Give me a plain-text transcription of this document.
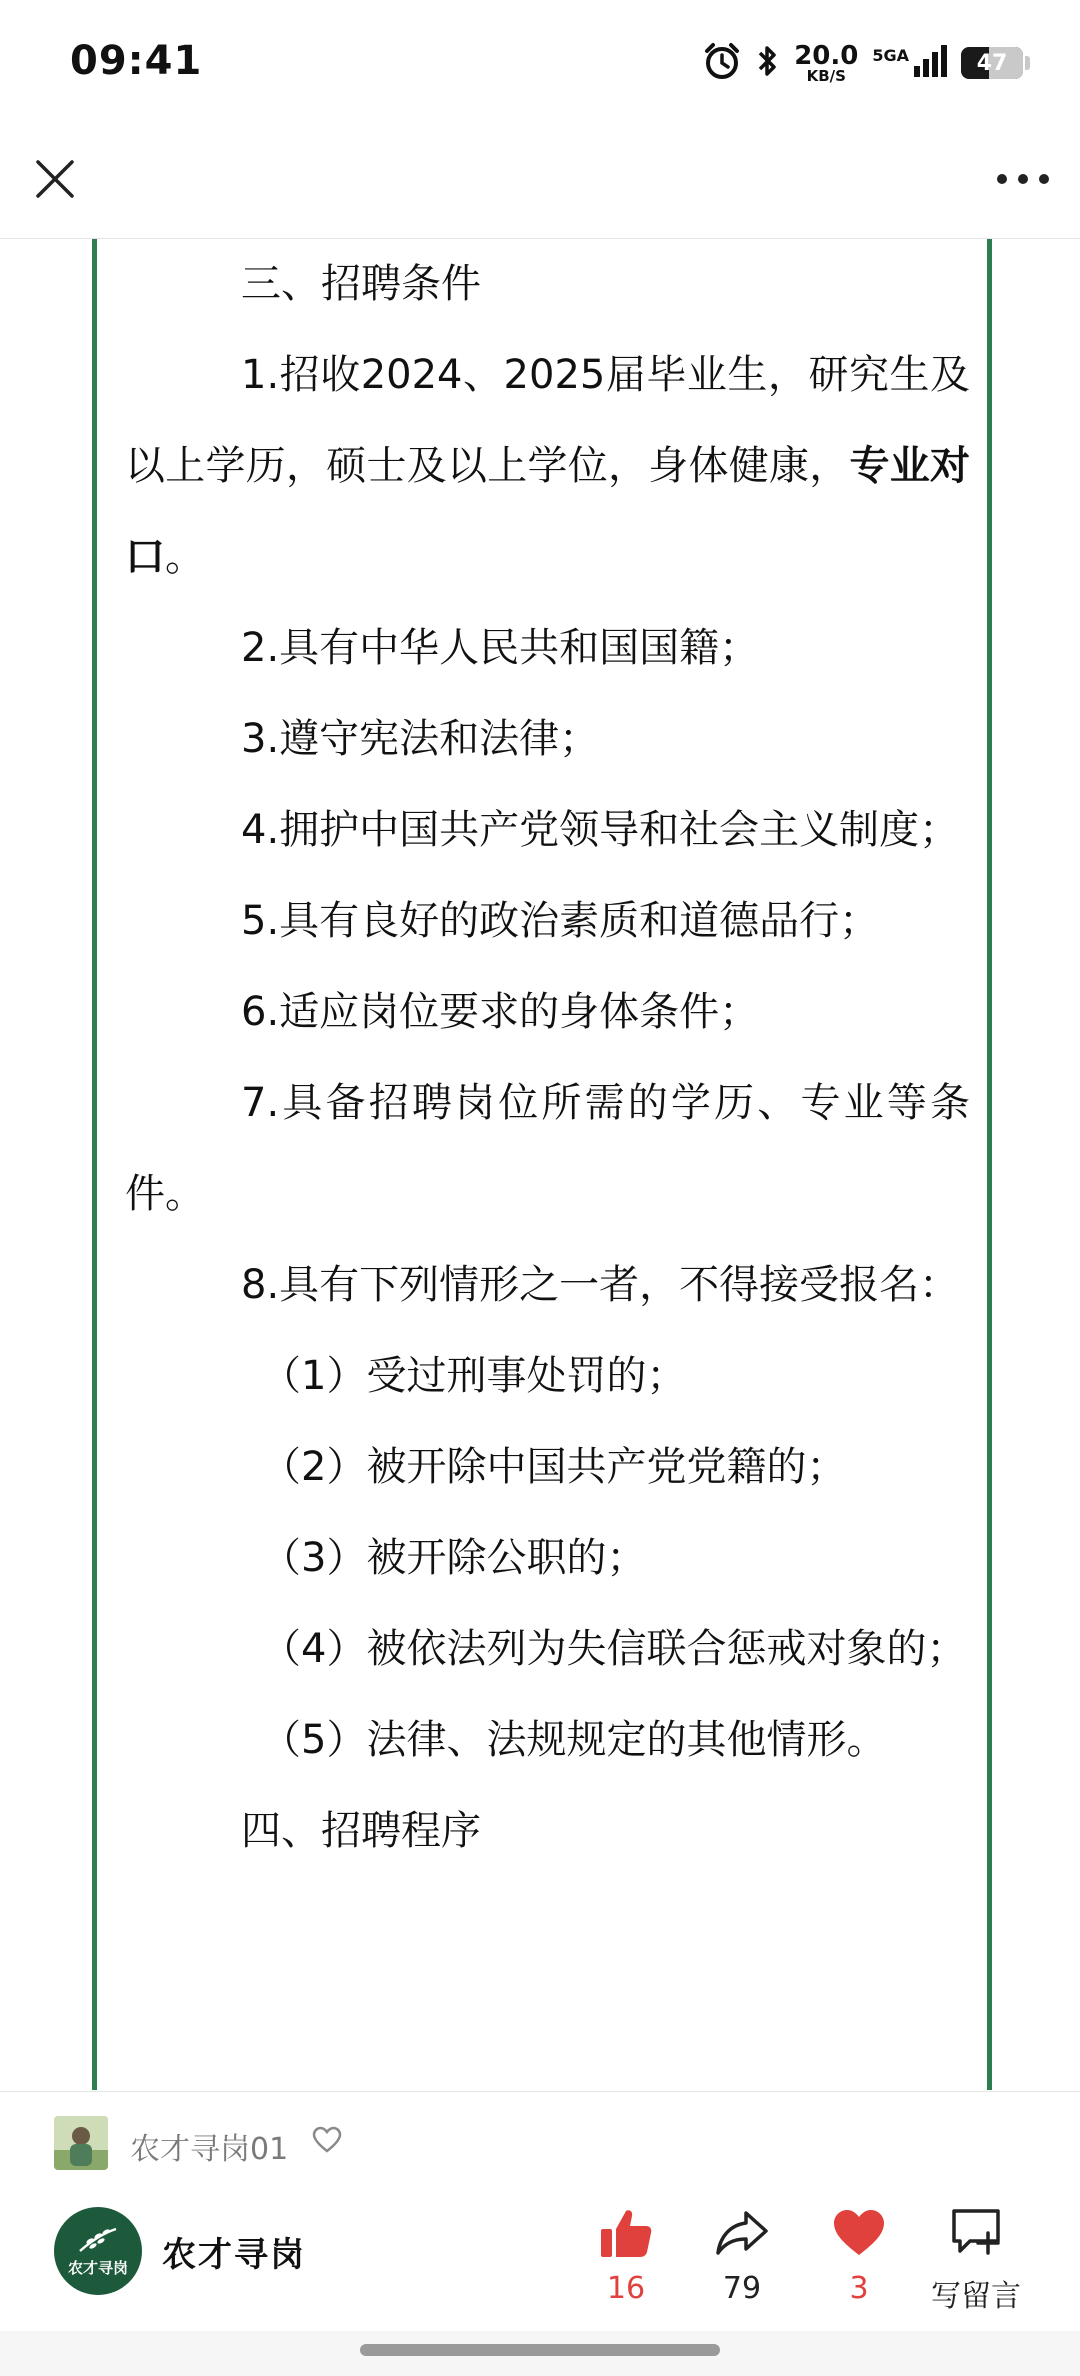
09:41	20.0
KB/S
5GA	47

三、招聘条件

1.招收2024、2025届毕业生，研究生及以上学历，硕士及以上学位，身体健康，专业对口。

2.具有中华人民共和国国籍；

3.遵守宪法和法律；

4.拥护中国共产党领导和社会主义制度；

5.具有良好的政治素质和道德品行；

6.适应岗位要求的身体条件；

7.具备招聘岗位所需的学历、专业等条件。

8.具有下列情形之一者，不得接受报名：

（1）受过刑事处罚的；

（2）被开除中国共产党党籍的；

（3）被开除公职的；

（4）被依法列为失信联合惩戒对象的；

（5）法律、法规规定的其他情形。

四、招聘程序

农才寻岗01
农才寻岗 农才寻岗
16	79	3 写留言
